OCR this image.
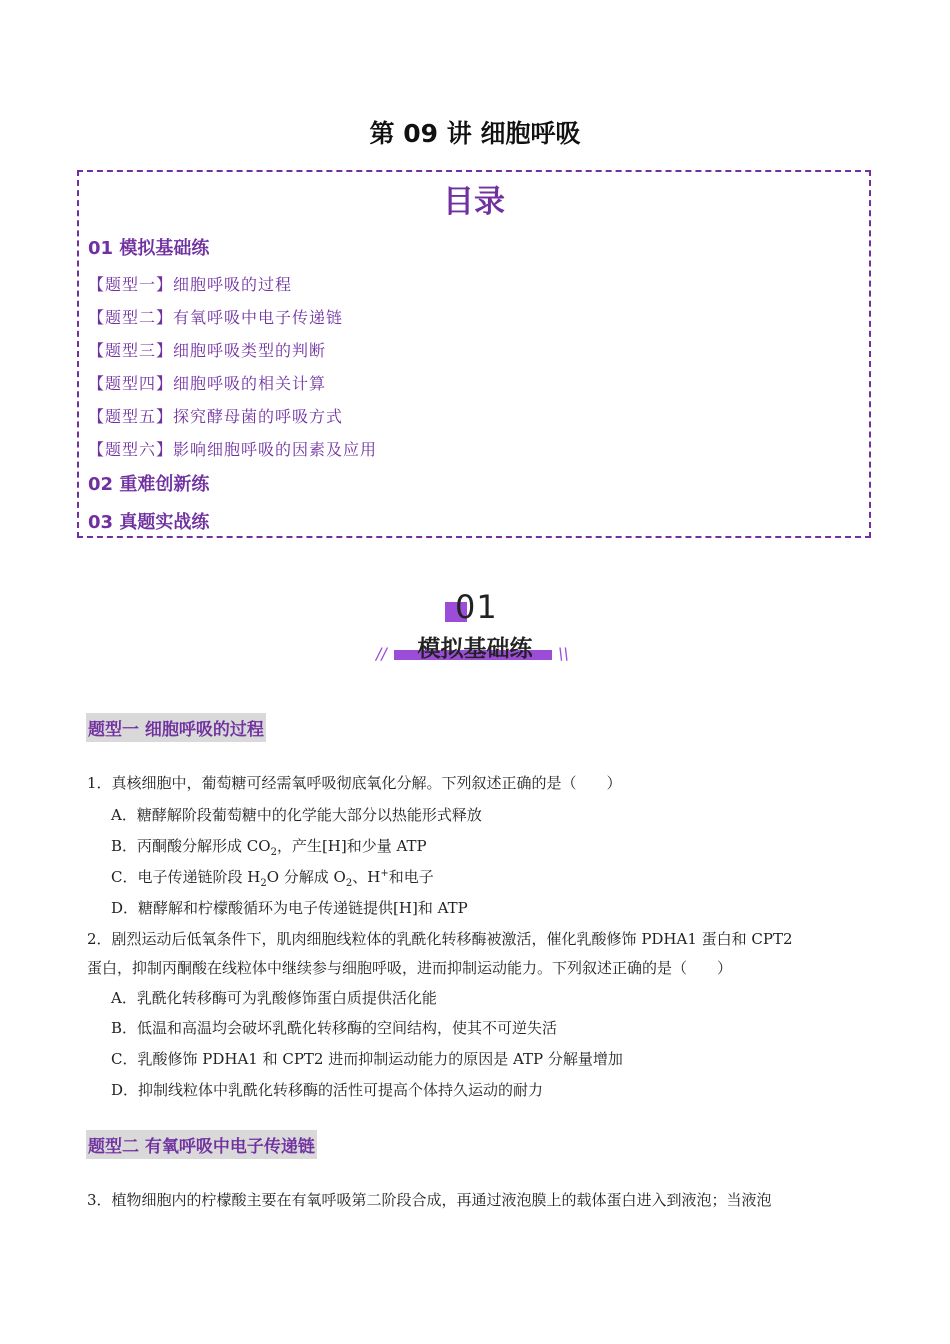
第 09 讲 细胞呼吸
目录
01 模拟基础练
【题型一】细胞呼吸的过程
【题型二】有氧呼吸中电子传递链
【题型三】细胞呼吸类型的判断
【题型四】细胞呼吸的相关计算
【题型五】探究酵母菌的呼吸方式
【题型六】影响细胞呼吸的因素及应用
02 重难创新练
03 真题实战练
01
模拟基础练
//	\\
题型一 细胞呼吸的过程
1．真核细胞中，葡萄糖可经需氧呼吸彻底氧化分解。下列叙述正确的是（　　）
A．糖酵解阶段葡萄糖中的化学能大部分以热能形式释放
B．丙酮酸分解形成 $CO_2$，产生[H]和少量 ATP
C．电子传递链阶段 $H_2O$ 分解成 $O_2$、H+和电子
D．糖酵解和柠檬酸循环为电子传递链提供[H]和 ATP
2．剧烈运动后低氧条件下，肌肉细胞线粒体的乳酰化转移酶被激活，催化乳酸修饰 PDHA1 蛋白和 CPT2
蛋白，抑制丙酮酸在线粒体中继续参与细胞呼吸，进而抑制运动能力。下列叙述正确的是（　　）
A．乳酰化转移酶可为乳酸修饰蛋白质提供活化能
B．低温和高温均会破坏乳酰化转移酶的空间结构，使其不可逆失活
C．乳酸修饰 PDHA1 和 CPT2 进而抑制运动能力的原因是 ATP 分解量增加
D．抑制线粒体中乳酰化转移酶的活性可提高个体持久运动的耐力
题型二 有氧呼吸中电子传递链
3．植物细胞内的柠檬酸主要在有氧呼吸第二阶段合成，再通过液泡膜上的载体蛋白进入到液泡；当液泡
